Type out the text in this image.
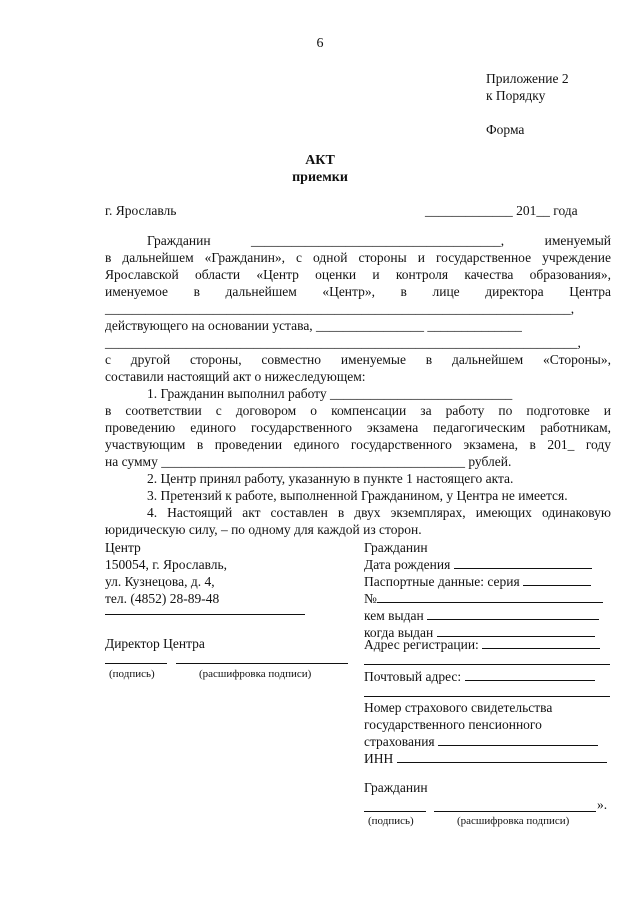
6
Приложение 2
к Порядку
Форма
АКТ
приемки
г. Ярославль	_____________ 201__ года

Гражданин	_____________________________________,	именуемый

в дальнейшем «Гражданин», с одной стороны и государственное учреждение

Ярославской области «Центр оценки и контроля качества образования»,

именуемое в дальнейшем «Центр», в лице директора Центра

_____________________________________________________________________,

действующего на основании устава, ________________ ______________

______________________________________________________________________,

с другой стороны, совместно именуемые в дальнейшем «Стороны»,

составили настоящий акт о нижеследующем:

1. Гражданин выполнил работу ___________________________

в соответствии с договором о компенсации за работу по подготовке и

проведению единого государственного экзамена педагогическим работникам,

участвующим в проведении единого государственного экзамена, в 201_ году

на сумму _____________________________________________ рублей.

2. Центр принял работу, указанную в пункте 1 настоящего акта.

3. Претензий к работе, выполненной Гражданином, у Центра не имеется.

4. Настоящий акт составлен в двух экземплярах, имеющих одинаковую

юридическую силу, – по одному для каждой из сторон.

Центр
150054, г. Ярославль,
ул. Кузнецова, д. 4,
тел. (4852) 28-89-48
Директор Центра
(подпись)	(расшифровка подписи)
Гражданин
Дата рождения
Паспортные данные: серия
№
кем выдан
когда выдан
Адрес регистрации:
Почтовый адрес:
Номер страхового свидетельства
государственного пенсионного
страхования
ИНН
Гражданин
».
(подпись)	(расшифровка подписи)
